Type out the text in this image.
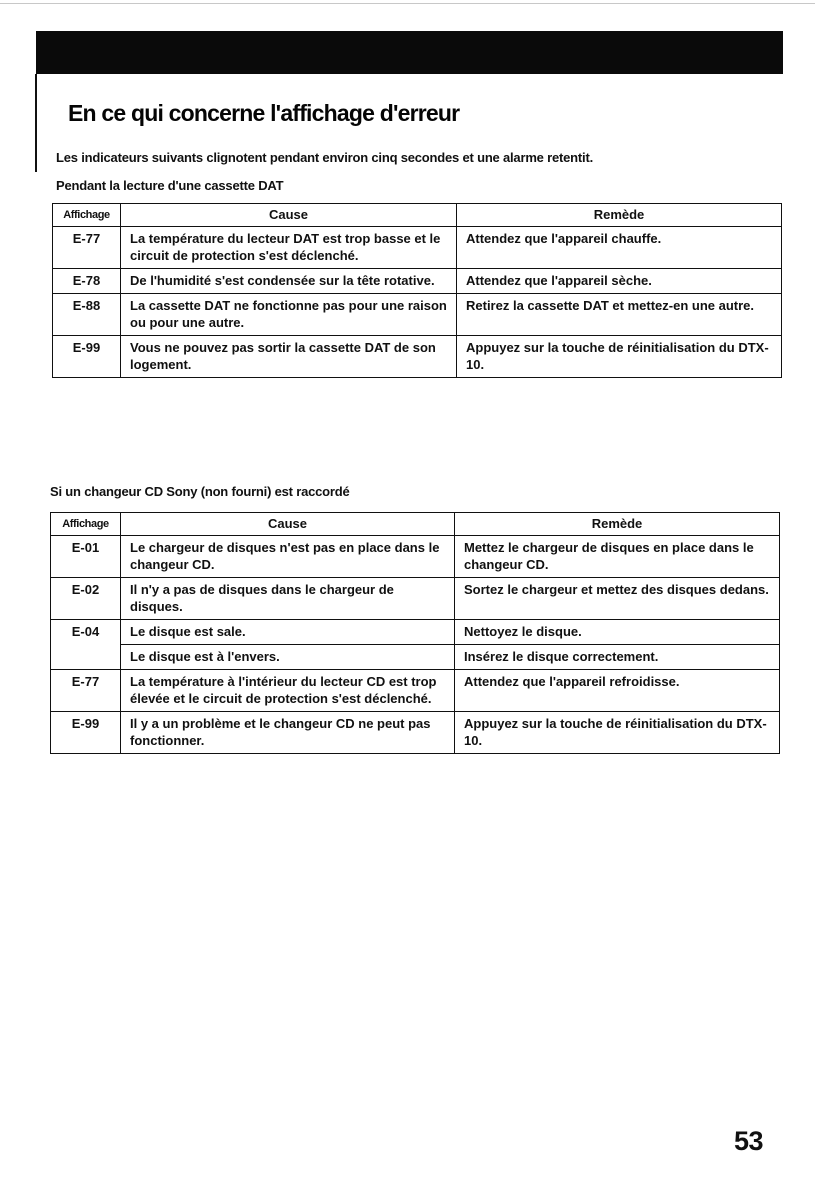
En ce qui concerne l'affichage d'erreur

Les indicateurs suivants clignotent pendant environ cinq secondes et une alarme retentit.

Pendant la lecture d'une cassette DAT

Affichage	Cause	Remède
E-77	La température du lecteur DAT est trop basse et le circuit de protection s'est déclenché.	Attendez que l'appareil chauffe.
E-78	De l'humidité s'est condensée sur la tête rotative.	Attendez que l'appareil sèche.
E-88	La cassette DAT ne fonctionne pas pour une raison ou pour une autre.	Retirez la cassette DAT et mettez-en une autre.
E-99	Vous ne pouvez pas sortir la cassette DAT de son logement.	Appuyez sur la touche de réinitialisation du DTX-10.

Si un changeur CD Sony (non fourni) est raccordé

Affichage	Cause	Remède
E-01	Le chargeur de disques n'est pas en place dans le changeur CD.	Mettez le chargeur de disques en place dans le changeur CD.
E-02	Il n'y a pas de disques dans le chargeur de disques.	Sortez le chargeur et mettez des disques dedans.
E-04	Le disque est sale.	Nettoyez le disque.
	Le disque est à l'envers.	Insérez le disque correctement.
E-77	La température à l'intérieur du lecteur CD est trop élevée et le circuit de protection s'est déclenché.	Attendez que l'appareil refroidisse.
E-99	Il y a un problème et le changeur CD ne peut pas fonctionner.	Appuyez sur la touche de réinitialisation du DTX-10.

53
